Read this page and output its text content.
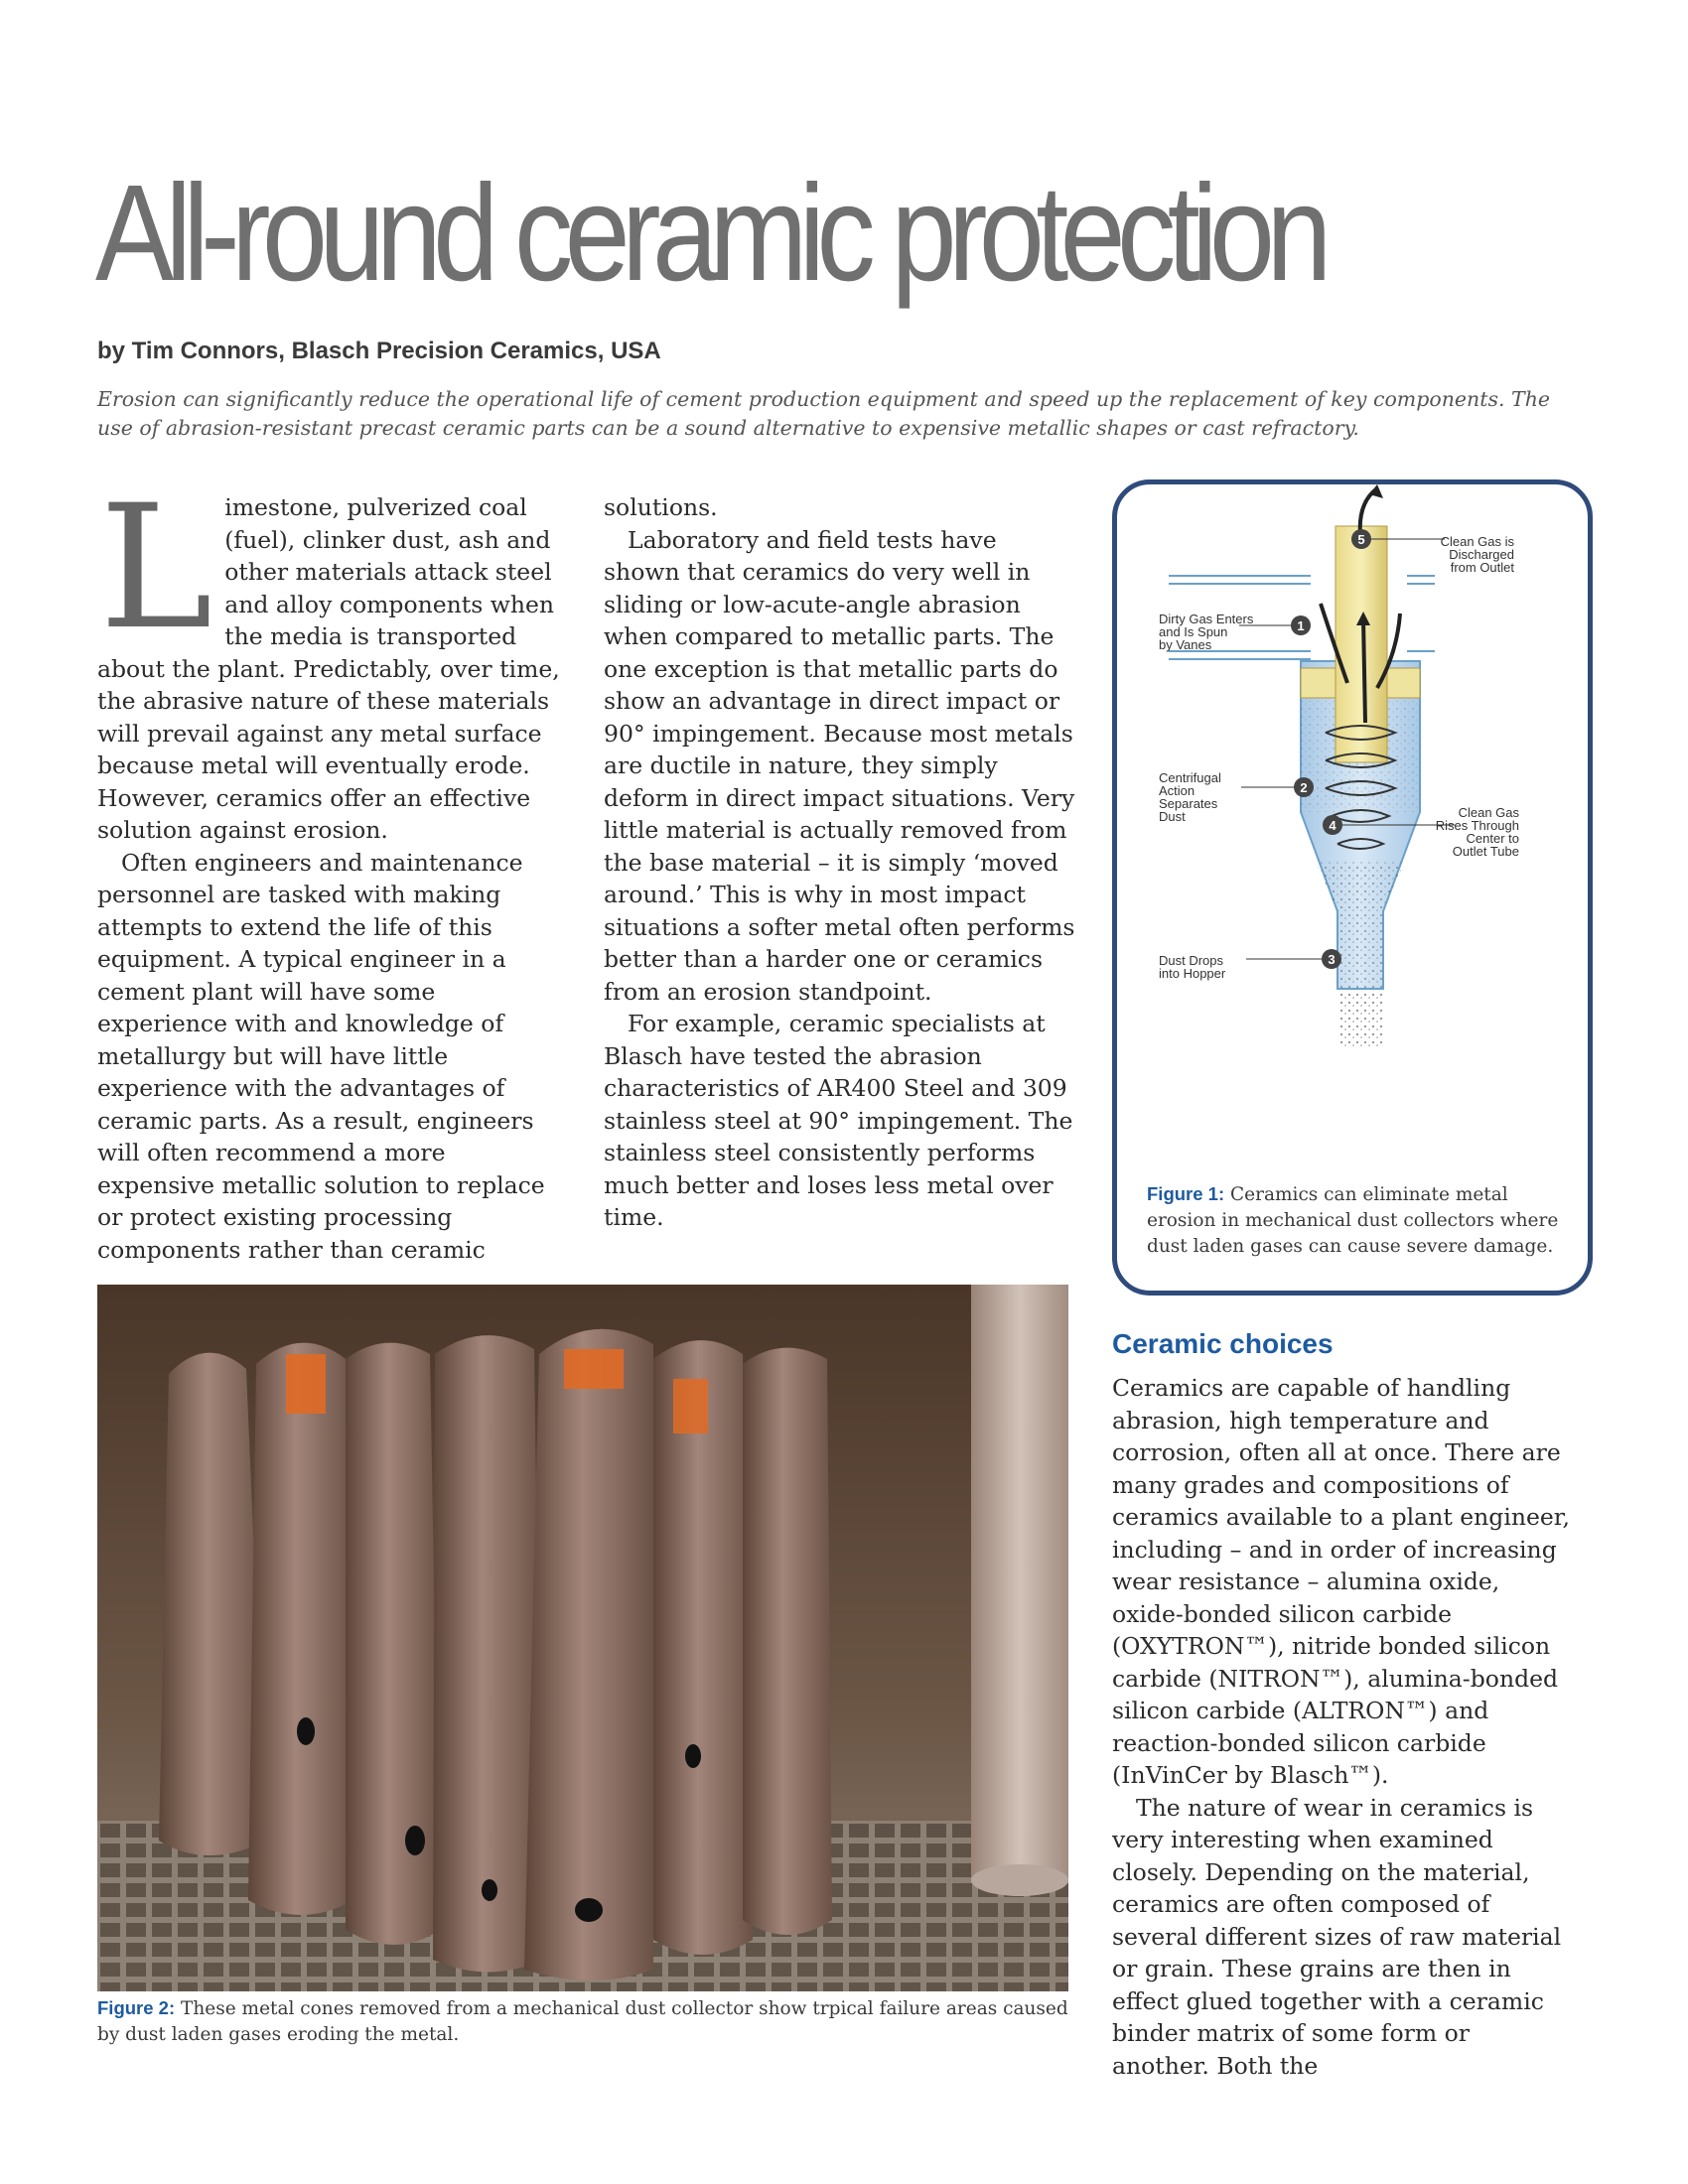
All-round ceramic protection

by Tim Connors, Blasch Precision Ceramics, USA

Erosion can significantly reduce the operational life of cement production equipment and speed up the replacement of key components. The use of abrasion-resistant precast ceramic parts can be a sound alternative to expensive metallic shapes or cast refractory.

L imestone, pulverized coal (fuel), clinker dust, ash and other materials attack steel and alloy components when the media is transported about the plant. Predictably, over time, the abrasive nature of these materials will prevail against any metal surface because metal will eventually erode. However, ceramics offer an effective solution against erosion.

Often engineers and maintenance personnel are tasked with making attempts to extend the life of this equipment. A typical engineer in a cement plant will have some experience with and knowledge of metallurgy but will have little experience with the advantages of ceramic parts. As a result, engineers will often recommend a more expensive metallic solution to replace or protect existing processing components rather than ceramic

solutions.

Laboratory and field tests have shown that ceramics do very well in sliding or low-acute-angle abrasion when compared to metallic parts. The one exception is that metallic parts do show an advantage in direct impact or 90° impingement. Because most metals are ductile in nature, they simply deform in direct impact situations. Very little material is actually removed from the base material – it is simply ‘moved around.’ This is why in most impact situations a softer metal often performs better than a harder one or ceramics from an erosion standpoint.

For example, ceramic specialists at Blasch have tested the abrasion characteristics of AR400 Steel and 309 stainless steel at 90° impingement. The stainless steel consistently performs much better and loses less metal over time.

5
1
2
4
3
Clean Gas is
Discharged
from Outlet
Dirty Gas Enters
and Is Spun
by Vanes
Centrifugal
Action
Separates
Dust	Clean Gas
Rises Through
Center to
Outlet Tube
Dust Drops
into Hopper

Figure 1: Ceramics can eliminate metal erosion in mechanical dust collectors where dust laden gases can cause severe damage.

Figure 2: These metal cones removed from a mechanical dust collector show trpical failure areas caused by dust laden gases eroding the metal.

Ceramic choices

Ceramics are capable of handling abrasion, high temperature and corrosion, often all at once. There are many grades and compositions of ceramics available to a plant engineer, including – and in order of increasing wear resistance – alumina oxide, oxide-bonded silicon carbide (OXYTRON™), nitride bonded silicon carbide (NITRON™), alumina-bonded silicon carbide (ALTRON™) and reaction-bonded silicon carbide (InVinCer by Blasch™).

The nature of wear in ceramics is very interesting when examined closely. Depending on the material, ceramics are often composed of several different sizes of raw material or grain. These grains are then in effect glued together with a ceramic binder matrix of some form or another. Both the
